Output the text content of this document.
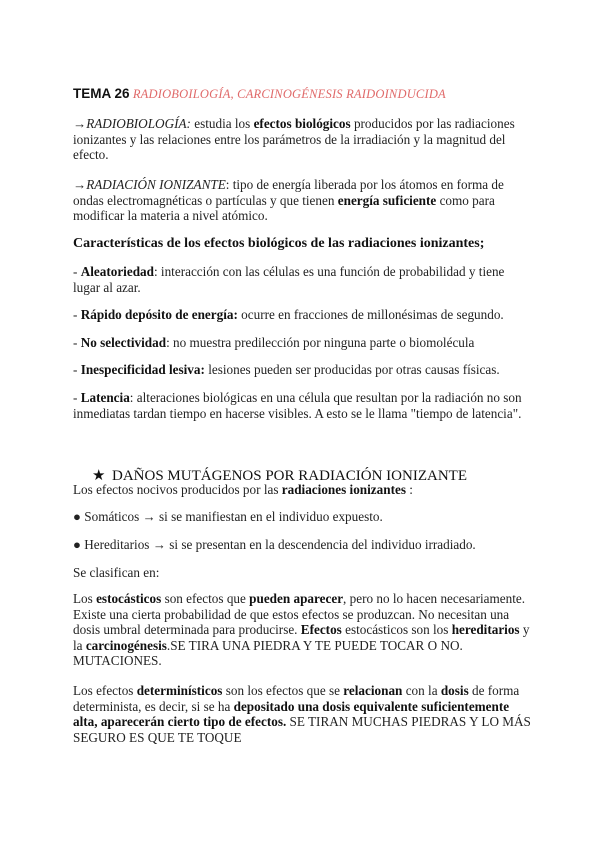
TEMA 26 RADIOBOILOGÍA, CARCINOGÉNESIS RAIDOINDUCIDA

→RADIOBIOLOGÍA: estudia los efectos biológicos producidos por las radiaciones ionizantes y las relaciones entre los parámetros de la irradiación y la magnitud del efecto.

→RADIACIÓN IONIZANTE: tipo de energía liberada por los átomos en forma de ondas electromagnéticas o partículas y que tienen energía suficiente como para modificar la materia a nivel atómico.

Características de los efectos biológicos de las radiaciones ionizantes;

- Aleatoriedad: interacción con las células es una función de probabilidad y tiene lugar al azar.

- Rápido depósito de energía: ocurre en fracciones de millonésimas de segundo.

- No selectividad: no muestra predilección por ninguna parte o biomolécula

- Inespecificidad lesiva: lesiones pueden ser producidas por otras causas físicas.

- Latencia: alteraciones biológicas en una célula que resultan por la radiación no son inmediatas tardan tiempo en hacerse visibles. A esto se le llama "tiempo de latencia".

★ DAÑOS MUTÁGENOS POR RADIACIÓN IONIZANTE

Los efectos nocivos producidos por las radiaciones ionizantes :

● Somáticos → si se manifiestan en el individuo expuesto.

● Hereditarios → si se presentan en la descendencia del individuo irradiado.

Se clasifican en:

Los estocásticos son efectos que pueden aparecer, pero no lo hacen necesariamente. Existe una cierta probabilidad de que estos efectos se produzcan. No necesitan una dosis umbral determinada para producirse. Efectos estocásticos son los hereditarios y la carcinogénesis.SE TIRA UNA PIEDRA Y TE PUEDE TOCAR O NO. MUTACIONES.

Los efectos determinísticos son los efectos que se relacionan con la dosis de forma determinista, es decir, si se ha depositado una dosis equivalente suficientemente alta, aparecerán cierto tipo de efectos. SE TIRAN MUCHAS PIEDRAS Y LO MÁS SEGURO ES QUE TE TOQUE
